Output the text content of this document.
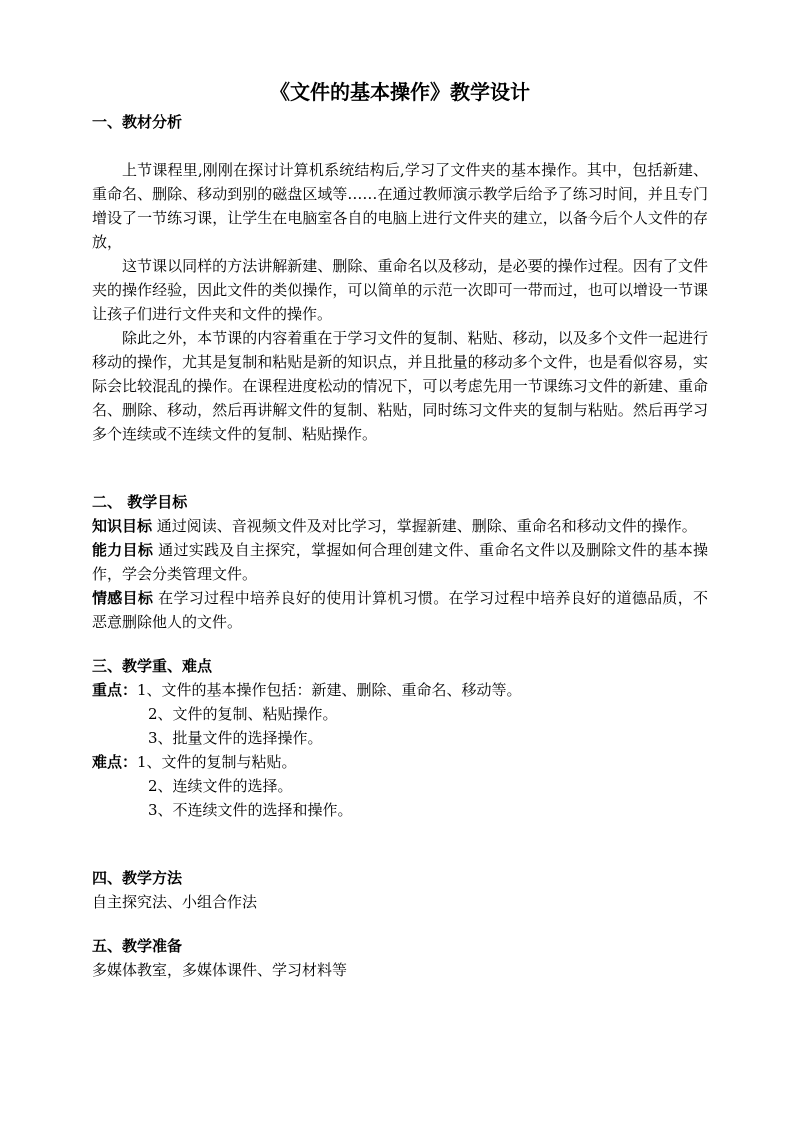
《文件的基本操作》教学设计
一、教材分析

上节课程里,刚刚在探讨计算机系统结构后,学习了文件夹的基本操作。其中，包括新建、重命名、删除、移动到别的磁盘区域等……在通过教师演示教学后给予了练习时间，并且专门增设了一节练习课，让学生在电脑室各自的电脑上进行文件夹的建立，以备今后个人文件的存放，

这节课以同样的方法讲解新建、删除、重命名以及移动，是必要的操作过程。因有了文件夹的操作经验，因此文件的类似操作，可以简单的示范一次即可一带而过，也可以增设一节课让孩子们进行文件夹和文件的操作。

除此之外，本节课的内容着重在于学习文件的复制、粘贴、移动，以及多个文件一起进行移动的操作，尤其是复制和粘贴是新的知识点，并且批量的移动多个文件，也是看似容易，实际会比较混乱的操作。在课程进度松动的情况下，可以考虑先用一节课练习文件的新建、重命名、删除、移动，然后再讲解文件的复制、粘贴，同时练习文件夹的复制与粘贴。然后再学习多个连续或不连续文件的复制、粘贴操作。

二、 教学目标

知识目标 通过阅读、音视频文件及对比学习，掌握新建、删除、重命名和移动文件的操作。

能力目标 通过实践及自主探究，掌握如何合理创建文件、重命名文件以及删除文件的基本操作，学会分类管理文件。

情感目标 在学习过程中培养良好的使用计算机习惯。在学习过程中培养良好的道德品质，不恶意删除他人的文件。

三、教学重、难点

重点：1、文件的基本操作包括：新建、删除、重命名、移动等。

2、文件的复制、粘贴操作。

3、批量文件的选择操作。

难点：1、文件的复制与粘贴。

2、连续文件的选择。

3、不连续文件的选择和操作。

四、教学方法

自主探究法、小组合作法

五、教学准备

多媒体教室，多媒体课件、学习材料等
